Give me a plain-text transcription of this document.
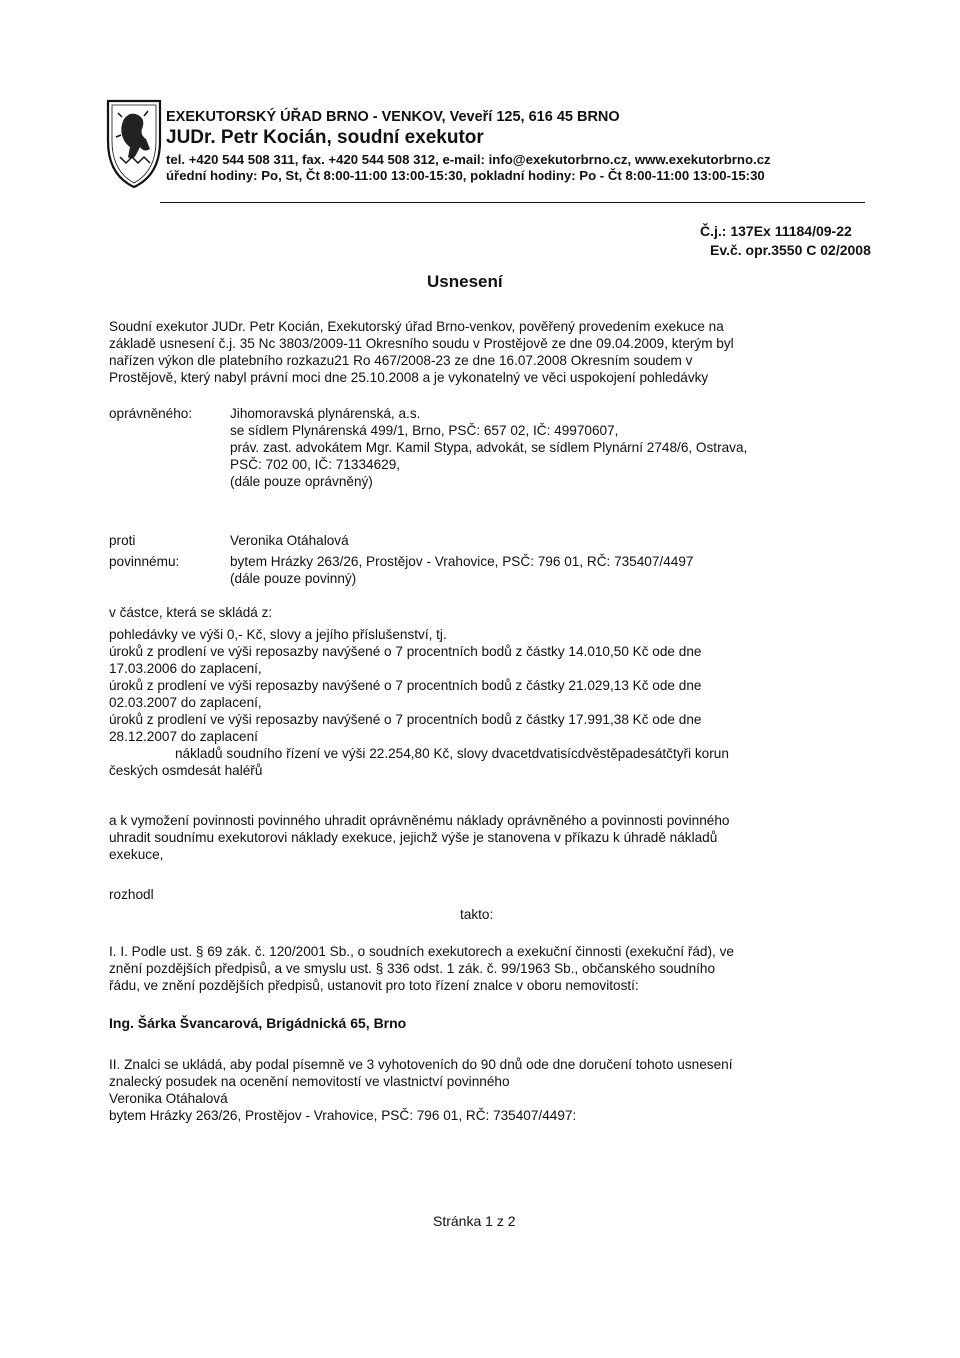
EXEKUTORSKÝ ÚŘAD BRNO - VENKOV, Veveří 125, 616 45 BRNO
JUDr. Petr Kocián, soudní exekutor
tel. +420 544 508 311, fax. +420 544 508 312, e-mail: info@exekutorbrno.cz, www.exekutorbrno.cz
úřední hodiny: Po, St, Čt 8:00-11:00 13:00-15:30, pokladní hodiny: Po - Čt 8:00-11:00 13:00-15:30
Č.j.: 137Ex 11184/09-22
Ev.č. opr.3550 C 02/2008
Usnesení
Soudní exekutor JUDr. Petr Kocián, Exekutorský úřad Brno-venkov, pověřený provedením exekuce na
základě usnesení č.j. 35 Nc 3803/2009-11 Okresního soudu v Prostějově ze dne 09.04.2009, kterým byl
nařízen výkon dle platebního rozkazu21 Ro 467/2008-23 ze dne 16.07.2008 Okresním soudem v
Prostějově, který nabyl právní moci dne 25.10.2008 a je vykonatelný ve věci uspokojení pohledávky
oprávněného:	Jihomoravská plynárenská, a.s.
se sídlem Plynárenská 499/1, Brno, PSČ: 657 02, IČ: 49970607,
práv. zast. advokátem Mgr. Kamil Stypa, advokát, se sídlem Plynární 2748/6, Ostrava,
PSČ: 702 00, IČ: 71334629,
(dále pouze oprávněný)
proti
povinnému:
Veronika Otáhalová
bytem Hrázky 263/26, Prostějov - Vrahovice, PSČ: 796 01, RČ: 735407/4497
(dále pouze povinný)
v částce, která se skládá z:
pohledávky ve výši 0,- Kč, slovy a jejího příslušenství, tj.
úroků z prodlení ve výši reposazby navýšené o 7 procentních bodů z částky 14.010,50 Kč ode dne
17.03.2006 do zaplacení,
úroků z prodlení ve výši reposazby navýšené o 7 procentních bodů z částky 21.029,13 Kč ode dne
02.03.2007 do zaplacení,
úroků z prodlení ve výši reposazby navýšené o 7 procentních bodů z částky 17.991,38 Kč ode dne
28.12.2007 do zaplacení
nákladů soudního řízení ve výši 22.254,80 Kč, slovy dvacetdvatisícdvěstěpadesátčtyři korun
českých osmdesát haléřů
a k vymožení povinnosti povinného uhradit oprávněnému náklady oprávněného a povinnosti povinného
uhradit soudnímu exekutorovi náklady exekuce, jejichž výše je stanovena v příkazu k úhradě nákladů
exekuce,
rozhodl
takto:
I. I. Podle ust. § 69 zák. č. 120/2001 Sb., o soudních exekutorech a exekuční činnosti (exekuční řád), ve
znění pozdějších předpisů, a ve smyslu ust. § 336 odst. 1 zák. č. 99/1963 Sb., občanského soudního
řádu, ve znění pozdějších předpisů, ustanovit pro toto řízení znalce v oboru nemovitostí:
Ing. Šárka Švancarová, Brigádnická 65, Brno
II. Znalci se ukládá, aby podal písemně ve 3 vyhotoveních do 90 dnů ode dne doručení tohoto usnesení
znalecký posudek na ocenění nemovitostí ve vlastnictví povinného
Veronika Otáhalová
bytem Hrázky 263/26, Prostějov - Vrahovice, PSČ: 796 01, RČ: 735407/4497:
Stránka 1 z 2
